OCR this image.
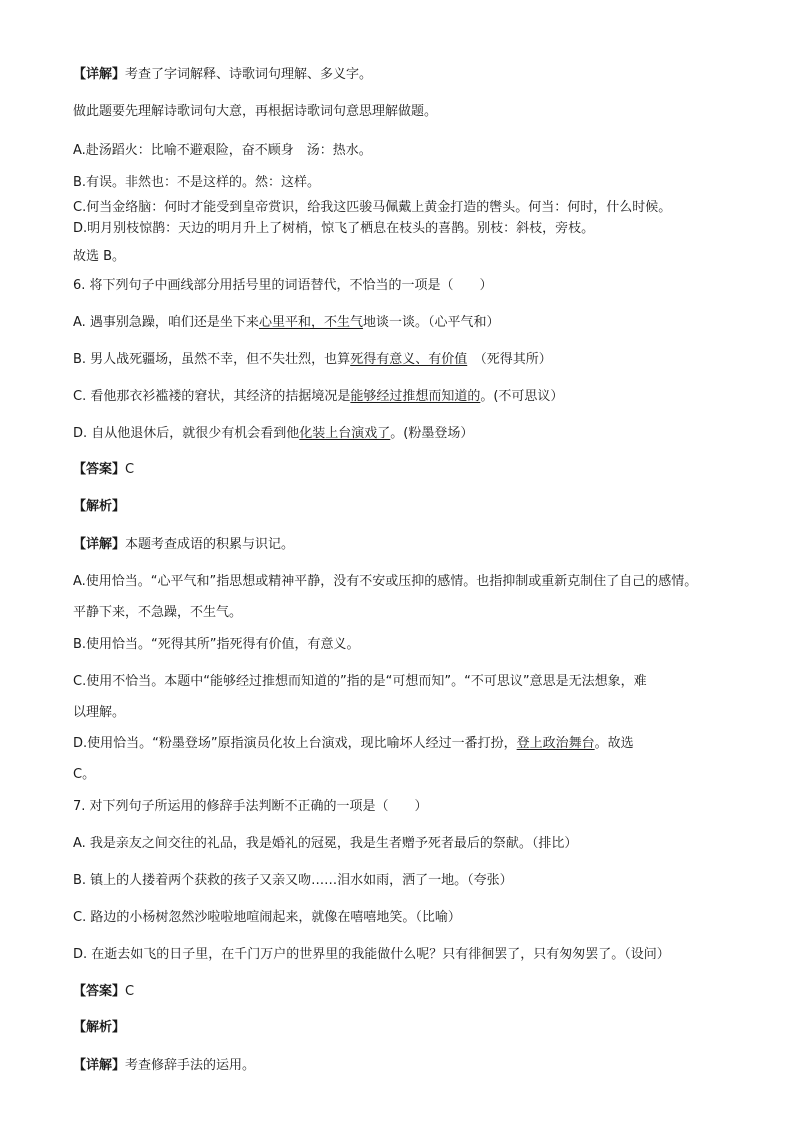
【详解】考查了字词解释、诗歌词句理解、多义字。
做此题要先理解诗歌词句大意，再根据诗歌词句意思理解做题。
A.赴汤蹈火：比喻不避艰险，奋不顾身　汤：热水。
B.有误。非然也：不是这样的。然：这样。
C.何当金络脑：何时才能受到皇帝赏识，给我这匹骏马佩戴上黄金打造的辔头。何当：何时，什么时候。
D.明月别枝惊鹊：天边的明月升上了树梢，惊飞了栖息在枝头的喜鹊。别枝：斜枝，旁枝。
故选 B。
6. 将下列句子中画线部分用括号里的词语替代，不恰当的一项是（　　）
A. 遇事别急躁，咱们还是坐下来心里平和，不生气地谈一谈。（心平气和）
B. 男人战死疆场，虽然不幸，但不失壮烈，也算死得有意义、有价值　（死得其所）
C. 看他那衣衫褴褛的窘状，其经济的拮据境况是能够经过推想而知道的。(不可思议）
D. 自从他退休后，就很少有机会看到他化装上台演戏了。(粉墨登场）
【答案】C
【解析】
【详解】本题考查成语的积累与识记。
A.使用恰当。“心平气和”指思想或精神平静，没有不安或压抑的感情。也指抑制或重新克制住了自己的感情。
平静下来，不急躁，不生气。
B.使用恰当。“死得其所”指死得有价值，有意义。
C.使用不恰当。本题中“能够经过推想而知道的”指的是“可想而知”。“不可思议”意思是无法想象，难
以理解。
D.使用恰当。“粉墨登场”原指演员化妆上台演戏，现比喻坏人经过一番打扮，登上政治舞台。故选
C。
7. 对下列句子所运用的修辞手法判断不正确的一项是（　　）
A. 我是亲友之间交往的礼品，我是婚礼的冠冕，我是生者赠予死者最后的祭献。（排比）
B. 镇上的人搂着两个获救的孩子又亲又吻……泪水如雨，洒了一地。（夸张）
C. 路边的小杨树忽然沙啦啦地喧闹起来，就像在嘻嘻地笑。（比喻）
D. 在逝去如飞的日子里，在千门万户的世界里的我能做什么呢？只有徘徊罢了，只有匆匆罢了。（设问）
【答案】C
【解析】
【详解】考查修辞手法的运用。
